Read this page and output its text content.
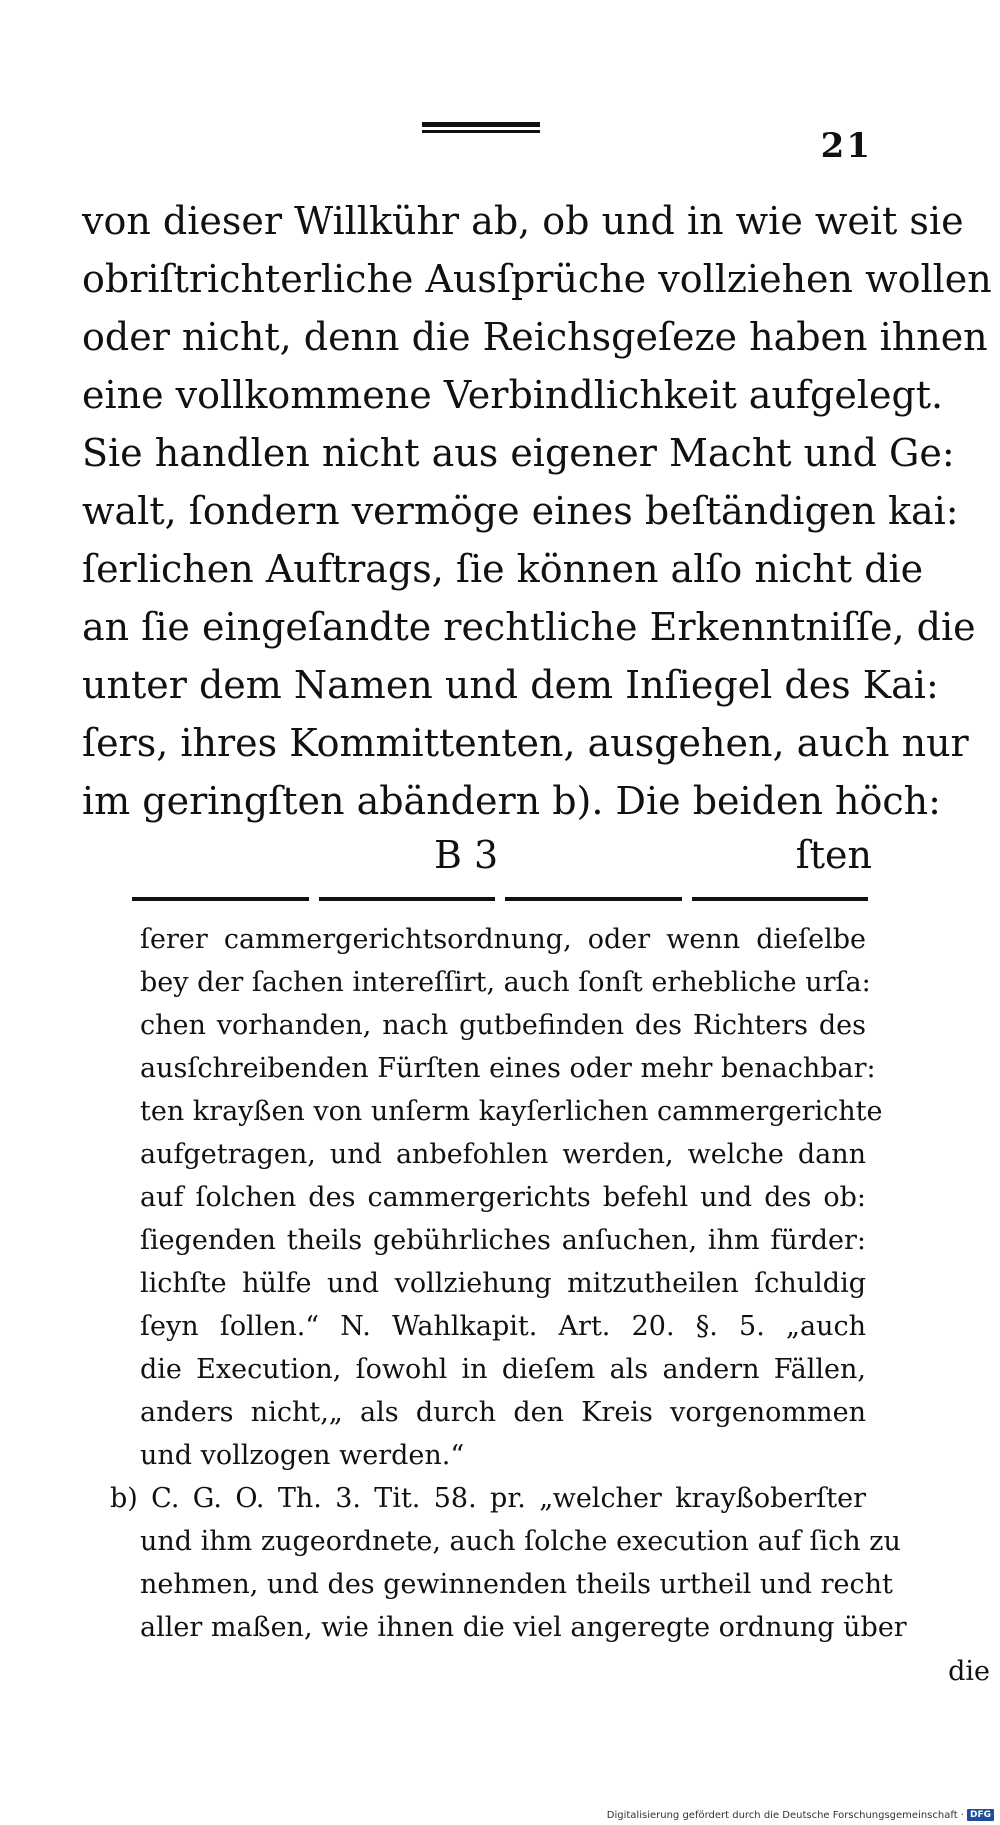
21
von dieser Willkühr ab, ob und in wie weit sie
obriſtrichterliche Ausſprüche vollziehen wollen
oder nicht, denn die Reichsgeſeze haben ihnen
eine vollkommene Verbindlichkeit aufgelegt.
Sie handlen nicht aus eigener Macht und Ge:
walt, ſondern vermöge eines beſtändigen kai:
ſerlichen Auftrags, ſie können alſo nicht die
an ſie eingeſandte rechtliche Erkenntniſſe, die
unter dem Namen und dem Inſiegel des Kai:
ſers, ihres Kommittenten, ausgehen, auch nur
im geringſten abändern b). Die beiden höch:
B 3	ſten
ſerer cammergerichtsordnung, oder wenn dieſelbe
bey der ſachen intereſſirt, auch ſonſt erhebliche urſa:
chen vorhanden, nach gutbefinden des Richters des
ausſchreibenden Fürſten eines oder mehr benachbar:
ten krayßen von unſerm kayſerlichen cammergerichte
aufgetragen, und anbefohlen werden, welche dann
auf ſolchen des cammergerichts befehl und des ob:
ſiegenden theils gebührliches anſuchen, ihm fürder:
lichſte hülfe und vollziehung mitzutheilen ſchuldig
ſeyn ſollen.“ N. Wahlkapit. Art. 20. §. 5. „auch
die Execution, ſowohl in dieſem als andern Fällen,
anders nicht,„ als durch den Kreis vorgenommen
und vollzogen werden.“
b) C. G. O. Th. 3. Tit. 58. pr. „welcher krayßoberſter
und ihm zugeordnete, auch ſolche execution auf ſich zu
nehmen, und des gewinnenden theils urtheil und recht
aller maßen, wie ihnen die viel angeregte ordnung über
die
Digitalisierung gefördert durch die Deutsche Forschungsgemeinschaft · DFG
